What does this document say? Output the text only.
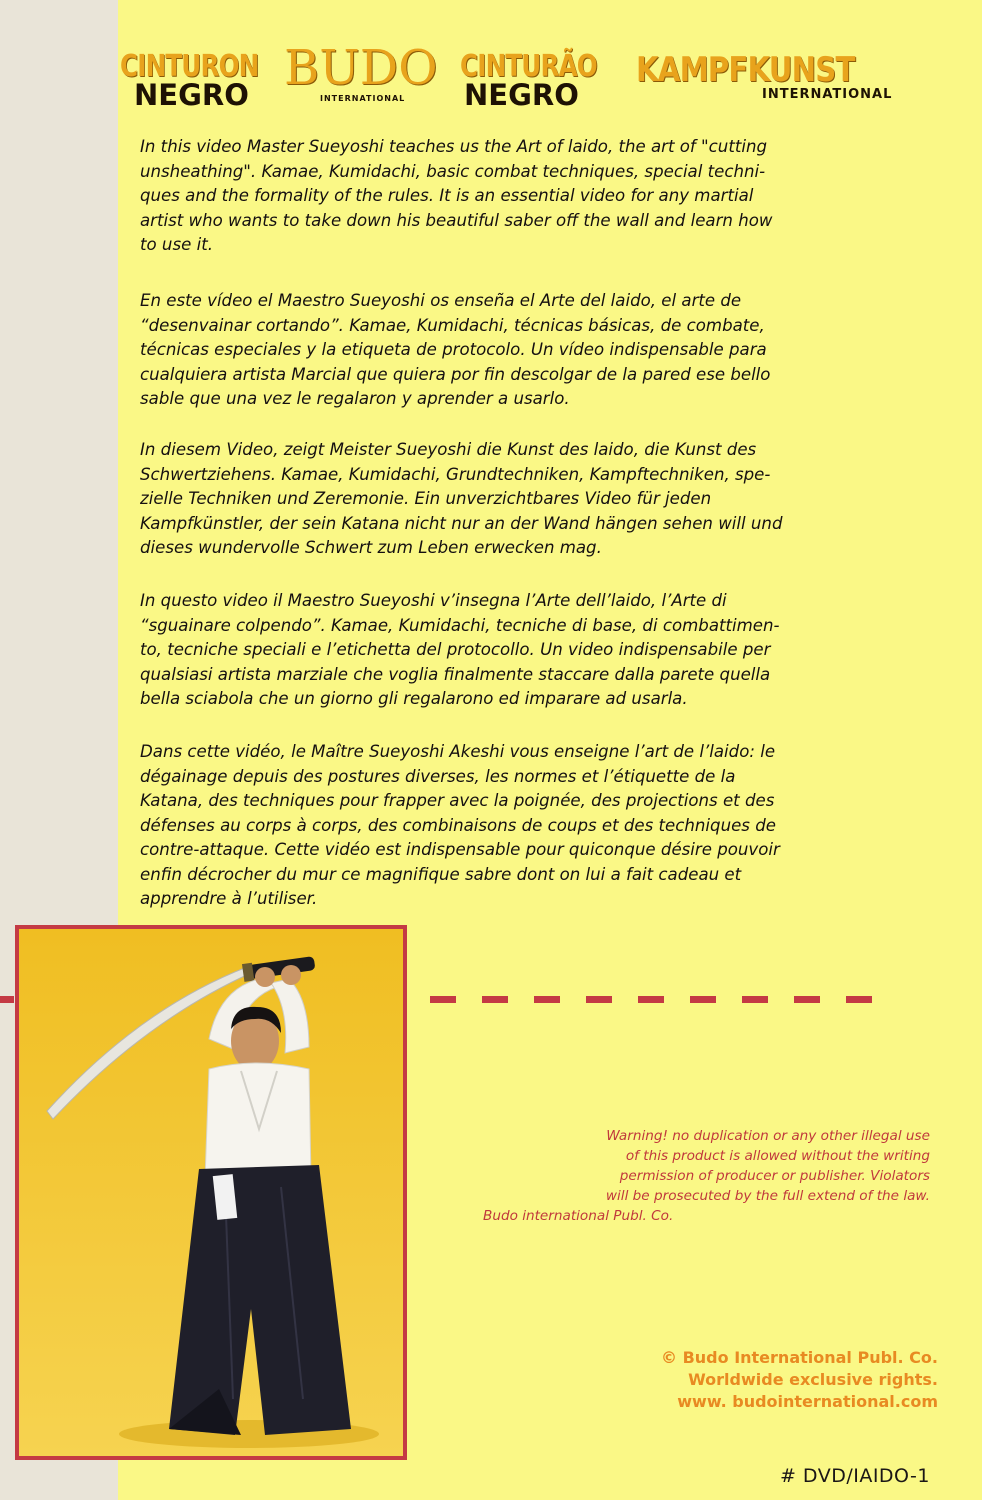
CINTURON
NEGRO BUDO
INTERNATIONAL
CINTURÃO
NEGRO
KAMPFKUNST
INTERNATIONAL

In this video Master Sueyoshi teaches us the Art of laido, the art of "cutting
unsheathing". Kamae, Kumidachi, basic combat techniques, special techni-
ques and the formality of the rules. It is an essential video for any martial
artist who wants to take down his beautiful saber off the wall and learn how
to use it.

En este vídeo el Maestro Sueyoshi os enseña el Arte del laido, el arte de
“desenvainar cortando”. Kamae, Kumidachi, técnicas básicas, de combate,
técnicas especiales y la etiqueta de protocolo. Un vídeo indispensable para
cualquiera artista Marcial que quiera por fin descolgar de la pared ese bello
sable que una vez le regalaron y aprender a usarlo.

In diesem Video, zeigt Meister Sueyoshi die Kunst des laido, die Kunst des
Schwertziehens. Kamae, Kumidachi, Grundtechniken, Kampftechniken, spe-
zielle Techniken und Zeremonie. Ein unverzichtbares Video für jeden
Kampfkünstler, der sein Katana nicht nur an der Wand hängen sehen will und
dieses wundervolle Schwert zum Leben erwecken mag.

In questo video il Maestro Sueyoshi v’insegna l’Arte dell’laido, l’Arte di
“sguainare colpendo”. Kamae, Kumidachi, tecniche di base, di combattimen-
to, tecniche speciali e l’etichetta del protocollo. Un video indispensabile per
qualsiasi artista marziale che voglia finalmente staccare dalla parete quella
bella sciabola che un giorno gli regalarono ed imparare ad usarla.

Dans cette vidéo, le Maître Sueyoshi Akeshi vous enseigne l’art de l’laido: le
dégainage depuis des postures diverses, les normes et l’étiquette de la
Katana, des techniques pour frapper avec la poignée, des projections et des
défenses au corps à corps, des combinaisons de coups et des techniques de
contre-attaque. Cette vidéo est indispensable pour quiconque désire pouvoir
enfin décrocher du mur ce magnifique sabre dont on lui a fait cadeau et
apprendre à l’utiliser.

Warning! no duplication or any other illegal use
of this product is allowed without the writing
permission of producer or publisher. Violators
will be prosecuted by the full extend of the law.

Budo international Publ. Co.

© Budo International Publ. Co.
Worldwide exclusive rights.
www. budointernational.com

# DVD/IAIDO-1
